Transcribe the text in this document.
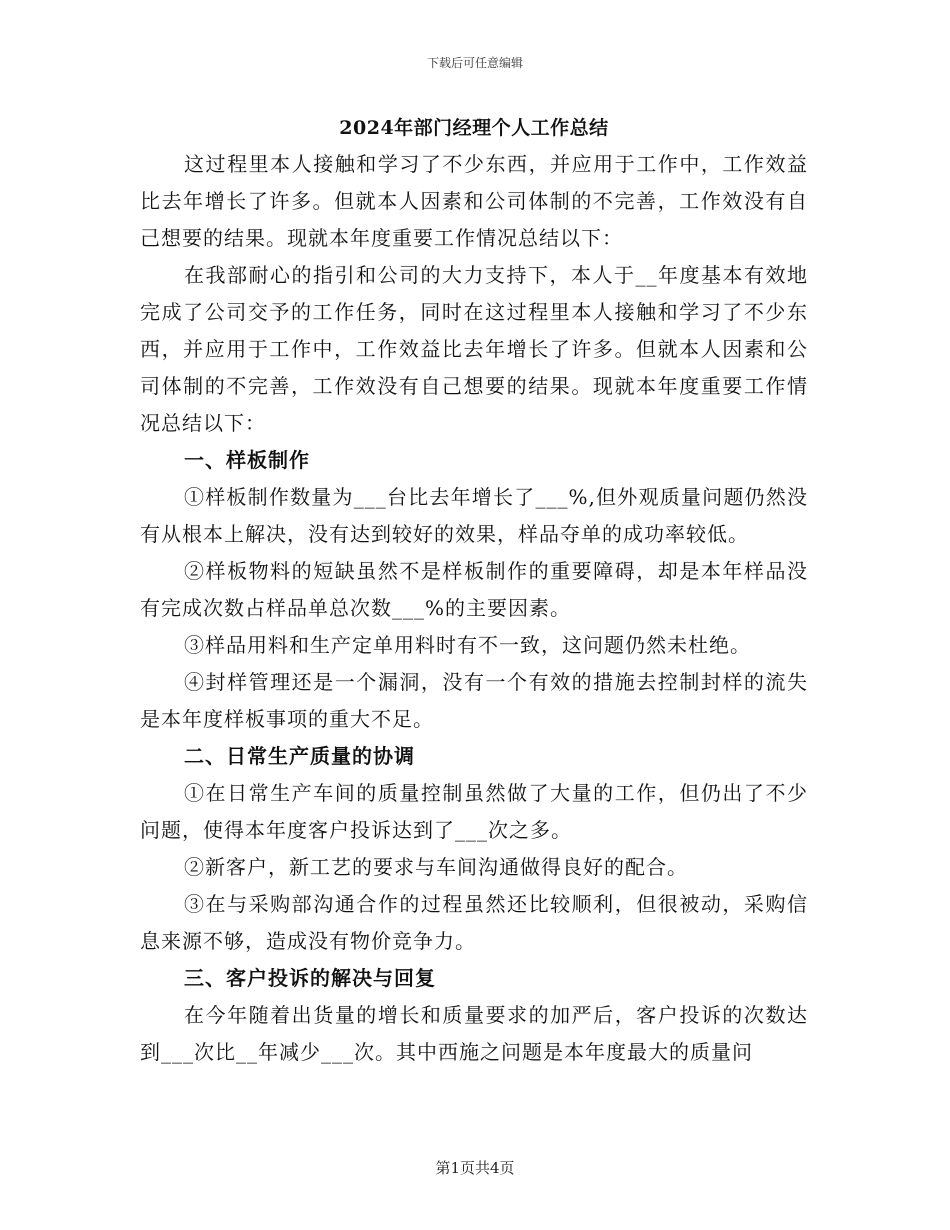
下载后可任意编辑
2024年部门经理个人工作总结

这过程里本人接触和学习了不少东西，并应用于工作中，工作效益比去年增长了许多。但就本人因素和公司体制的不完善，工作效没有自己想要的结果。现就本年度重要工作情况总结以下：

在我部耐心的指引和公司的大力支持下，本人于__年度基本有效地完成了公司交予的工作任务，同时在这过程里本人接触和学习了不少东西，并应用于工作中，工作效益比去年增长了许多。但就本人因素和公司体制的不完善，工作效没有自己想要的结果。现就本年度重要工作情况总结以下：

一、样板制作

①样板制作数量为___台比去年增长了___%,但外观质量问题仍然没有从根本上解决，没有达到较好的效果，样品夺单的成功率较低。

②样板物料的短缺虽然不是样板制作的重要障碍，却是本年样品没有完成次数占样品单总次数___%的主要因素。

③样品用料和生产定单用料时有不一致，这问题仍然未杜绝。

④封样管理还是一个漏洞，没有一个有效的措施去控制封样的流失是本年度样板事项的重大不足。

二、日常生产质量的协调

①在日常生产车间的质量控制虽然做了大量的工作，但仍出了不少问题，使得本年度客户投诉达到了___次之多。

②新客户，新工艺的要求与车间沟通做得良好的配合。

③在与采购部沟通合作的过程虽然还比较顺利，但很被动，采购信息来源不够，造成没有物价竞争力。

三、客户投诉的解决与回复

在今年随着出货量的增长和质量要求的加严后，客户投诉的次数达到___次比__年减少___次。其中西施之问题是本年度最大的质量问

第1页共4页
